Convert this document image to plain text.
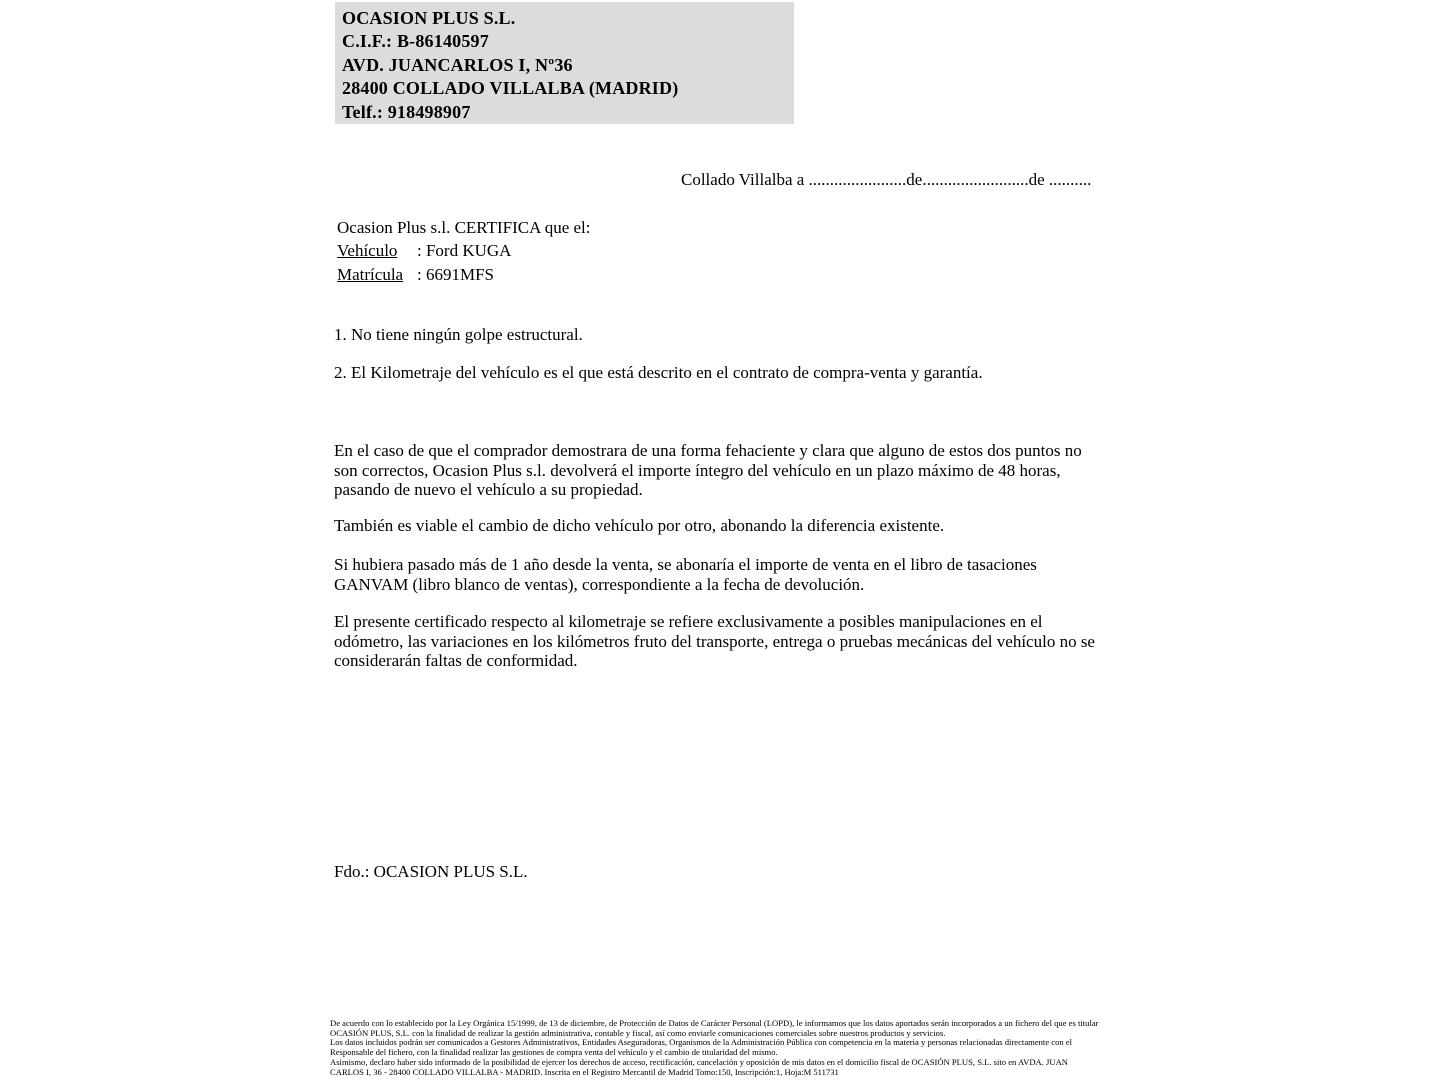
OCASION PLUS S.L.
C.I.F.: B-86140597
AVD. JUANCARLOS I, Nº36
28400 COLLADO VILLALBA (MADRID)
Telf.: 918498907
Collado Villalba a .......................de.........................de ..........
Ocasion Plus s.l. CERTIFICA que el:
Vehículo : Ford KUGA
Matrícula : 6691MFS
1. No tiene ningún golpe estructural.
2. El Kilometraje del vehículo es el que está descrito en el contrato de compra-venta y garantía.
En el caso de que el comprador demostrara de una forma fehaciente y clara que alguno de estos dos puntos no son correctos, Ocasion Plus s.l. devolverá el importe íntegro del vehículo en un plazo máximo de 48 horas, pasando de nuevo el vehículo a su propiedad.
También es viable el cambio de dicho vehículo por otro, abonando la diferencia existente.
Si hubiera pasado más de 1 año desde la venta, se abonaría el importe de venta en el libro de tasaciones GANVAM (libro blanco de ventas), correspondiente a la fecha de devolución.
El presente certificado respecto al kilometraje se refiere exclusivamente a posibles manipulaciones en el odómetro, las variaciones en los kilómetros fruto del transporte, entrega o pruebas mecánicas del vehículo no se considerarán faltas de conformidad.
Fdo.: OCASION PLUS S.L.
De acuerdo con lo establecido por la Ley Orgánica 15/1999, de 13 de diciembre, de Protección de Datos de Carácter Personal (LOPD), le informamos que los datos aportados serán incorporados a un fichero del que es titular
OCASIÓN PLUS, S.L. con la finalidad de realizar la gestión administrativa, contable y fiscal, así como enviarle comunicaciones comerciales sobre nuestros productos y servicios.
Los datos incluidos podrán ser comunicados a Gestores Administrativos, Entidades Aseguradoras, Organismos de la Administración Pública con competencia en la materia y personas relacionadas directamente con el
Responsable del fichero, con la finalidad realizar las gestiones de compra venta del vehículo y el cambio de titularidad del mismo.
Asimismo, declaro haber sido informado de la posibilidad de ejercer los derechos de acceso, rectificación, cancelación y oposición de mis datos en el domicilio fiscal de OCASIÓN PLUS, S.L. sito en AVDA. JUAN
CARLOS I, 36 - 28400 COLLADO VILLALBA - MADRID. Inscrita en el Registro Mercantil de Madrid Tomo:150, Inscripción:1, Hoja:M 511731
